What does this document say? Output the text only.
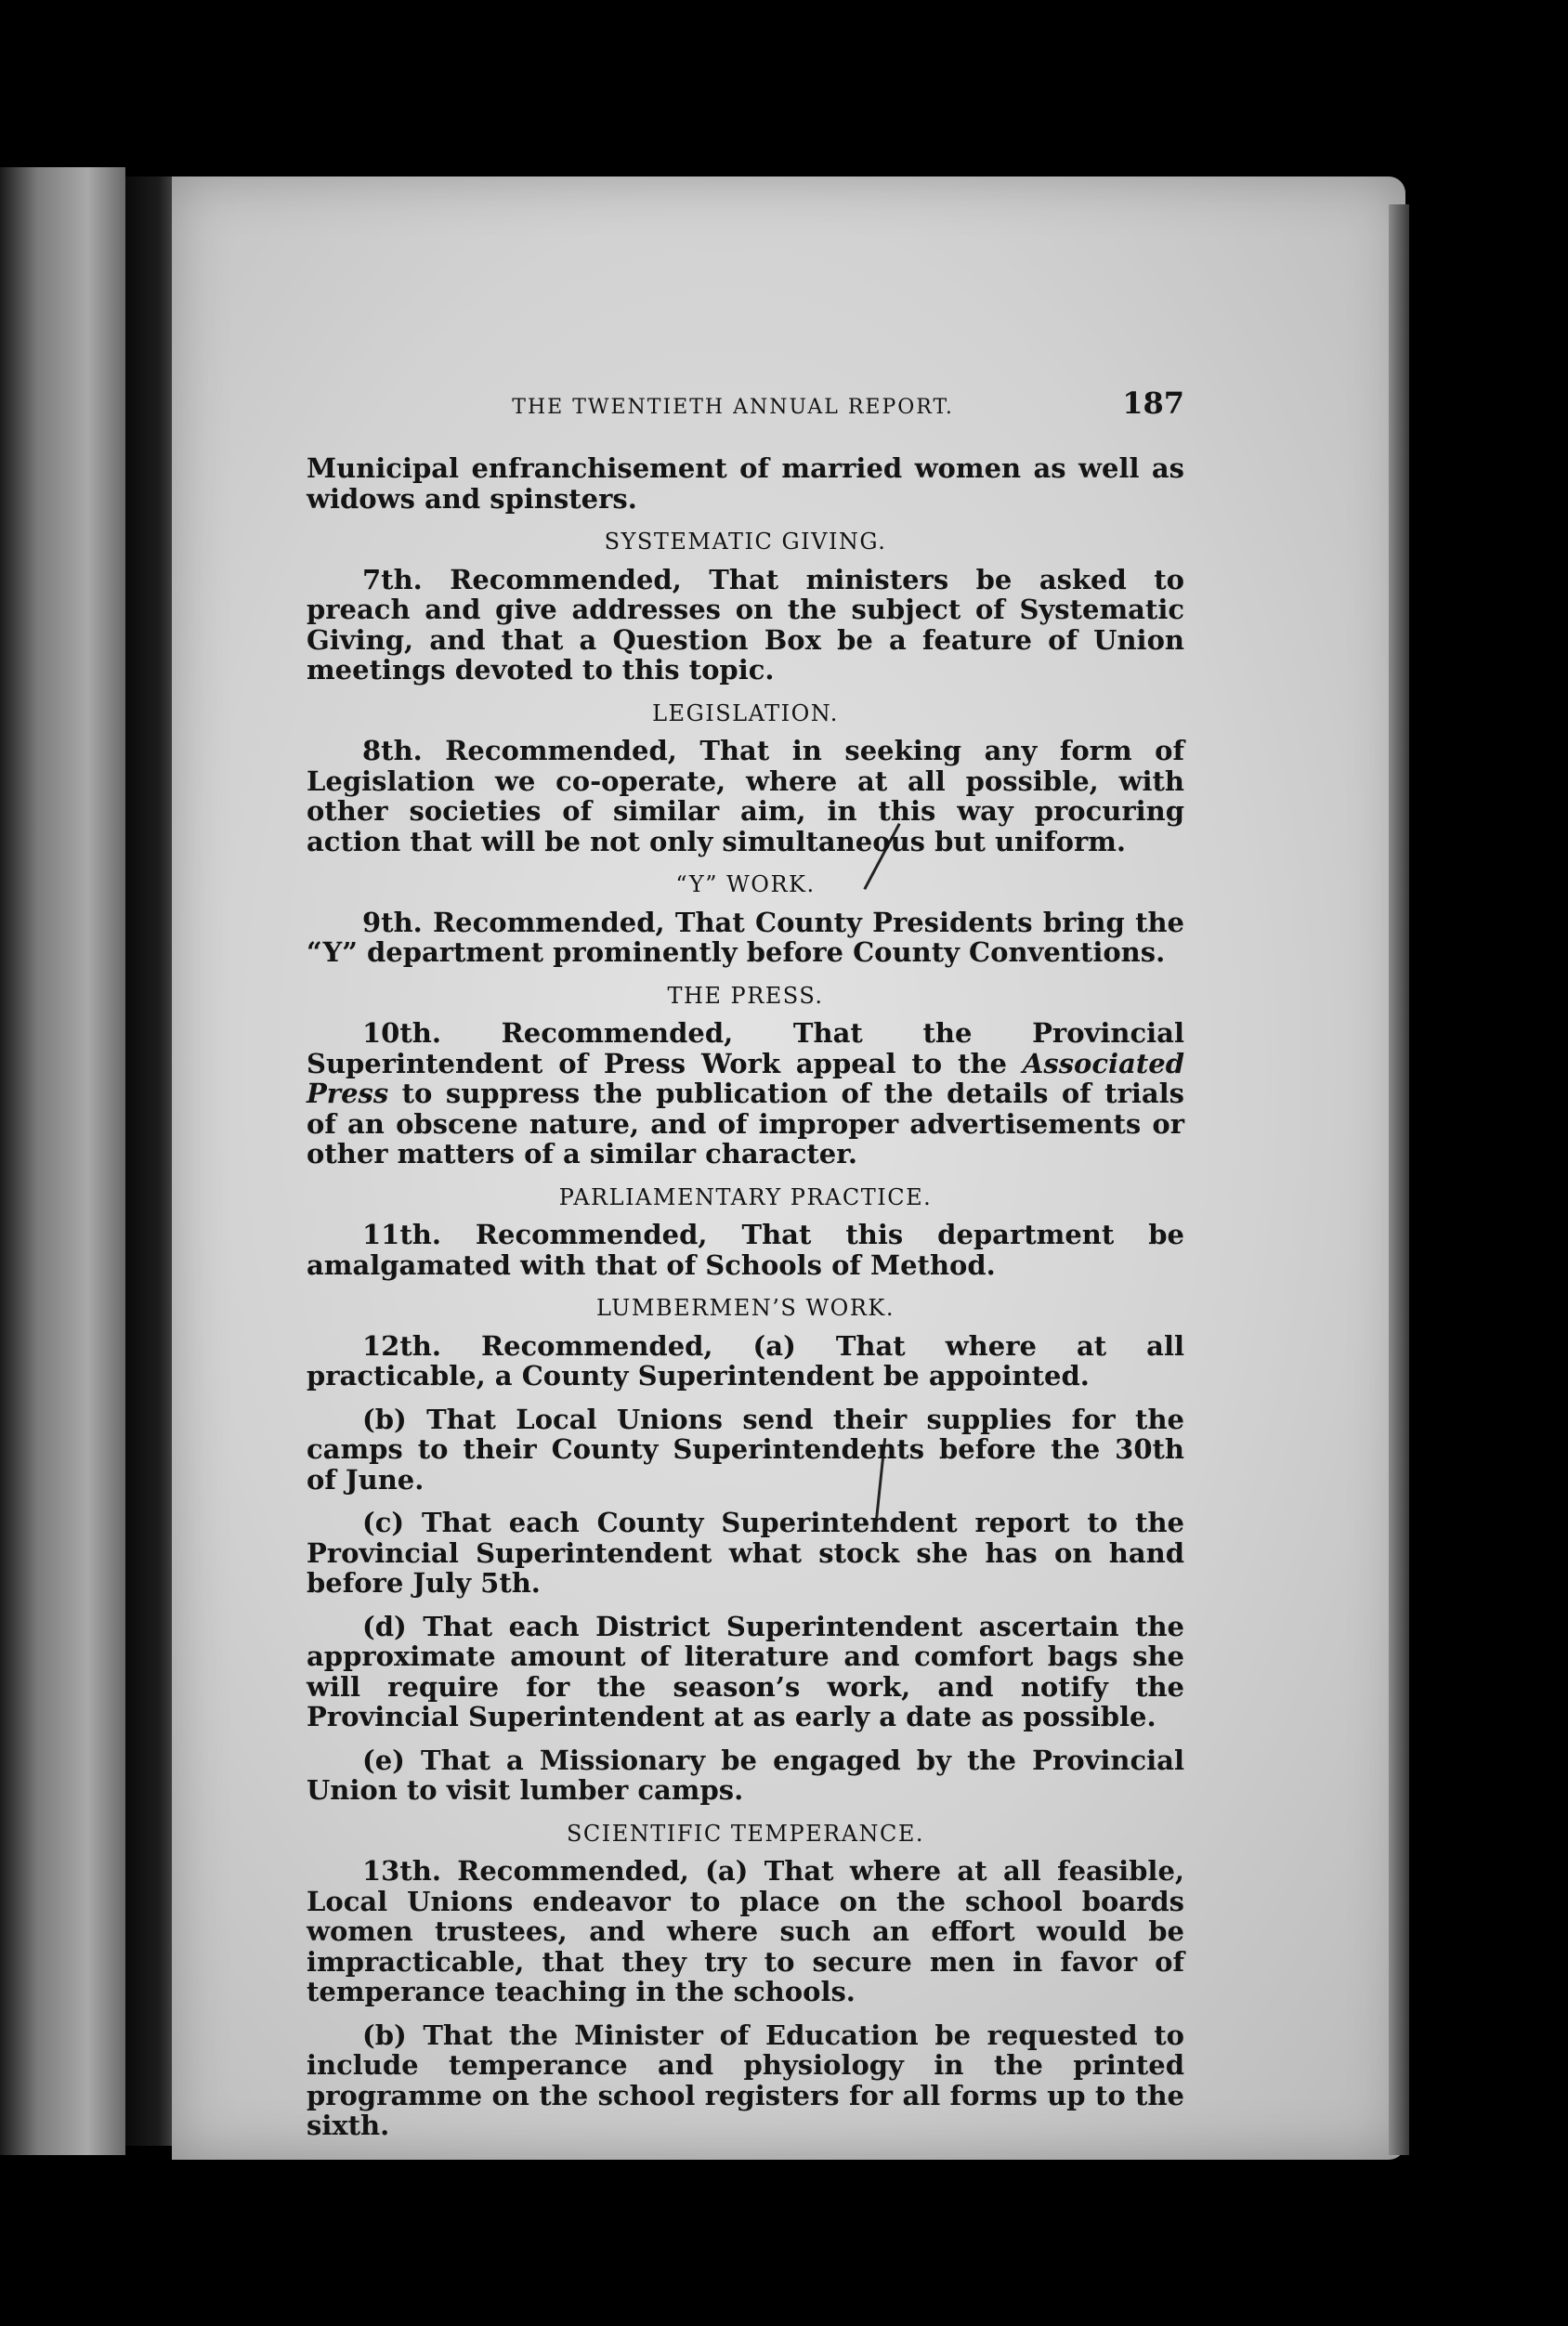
THE TWENTIETH ANNUAL REPORT.	187

Municipal enfranchisement of married women as well as widows and spinsters.

SYSTEMATIC GIVING.

7th. Recommended, That ministers be asked to preach and give addresses on the subject of Systematic Giving, and that a Question Box be a feature of Union meetings devoted to this topic.

LEGISLATION.

8th. Recommended, That in seeking any form of Legislation we co-operate, where at all possible, with other societies of similar aim, in this way procuring action that will be not only simultaneous but uniform.

“Y” WORK.

9th. Recommended, That County Presidents bring the “Y” department prominently before County Conventions.

THE PRESS.

10th. Recommended, That the Provincial Superintendent of Press Work appeal to the Associated Press to suppress the publication of the details of trials of an obscene nature, and of improper advertisements or other matters of a similar character.

PARLIAMENTARY PRACTICE.

11th. Recommended, That this department be amalgamated with that of Schools of Method.

LUMBERMEN’S WORK.

12th. Recommended, (a) That where at all practicable, a County Superintendent be appointed.

(b) That Local Unions send their supplies for the camps to their County Superintendents before the 30th of June.

(c) That each County Superintendent report to the Provincial Superintendent what stock she has on hand before July 5th.

(d) That each District Superintendent ascertain the approximate amount of literature and comfort bags she will require for the season’s work, and notify the Provincial Superintendent at as early a date as possible.

(e) That a Missionary be engaged by the Provincial Union to visit lumber camps.

SCIENTIFIC TEMPERANCE.

13th. Recommended, (a) That where at all feasible, Local Unions endeavor to place on the school boards women trustees, and where such an effort would be impracticable, that they try to secure men in favor of temperance teaching in the schools.

(b) That the Minister of Education be requested to include temperance and physiology in the printed programme on the school registers for all forms up to the sixth.
